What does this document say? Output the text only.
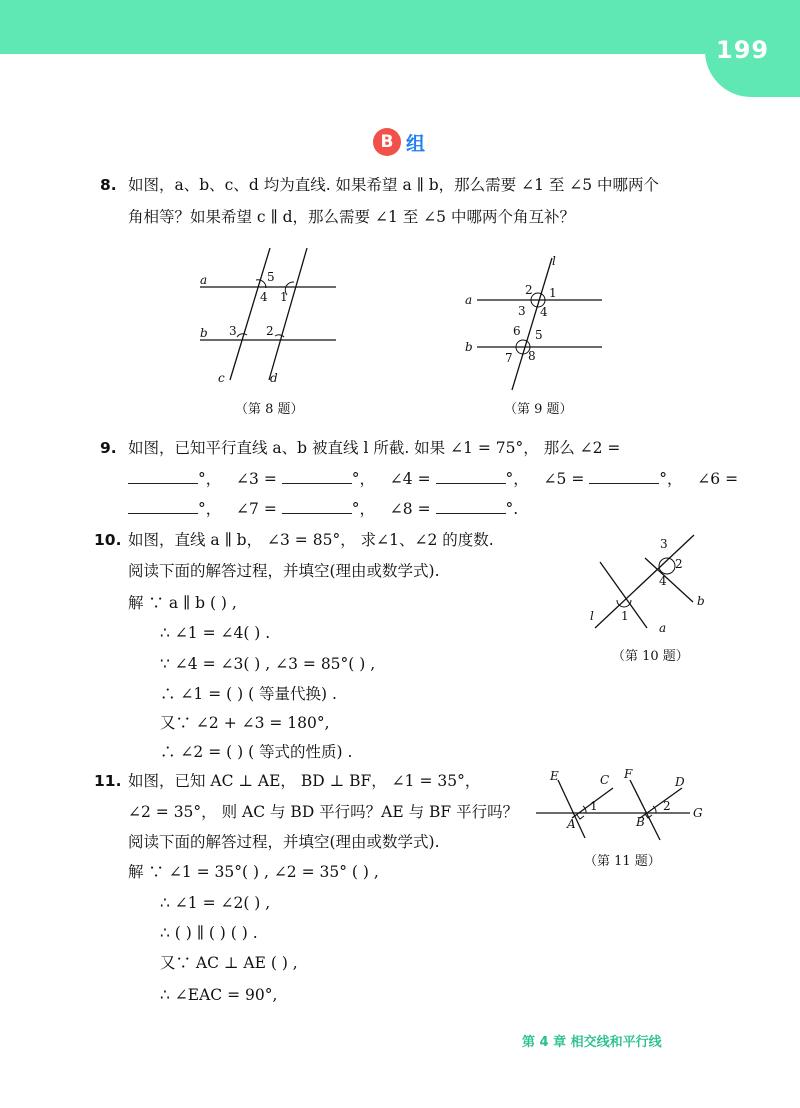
199
B 组
8. 如图，a、b、c、d 均为直线. 如果希望 a ∥ b，那么需要 ∠1 至 ∠5 中哪两个
角相等？如果希望 c ∥ d，那么需要 ∠1 至 ∠5 中哪两个角互补？
a
b
c	d
5
4 1
3 2
（第 8 题）
l
a
b
2 1
3 4
6 5
7 8
（第 9 题）
9. 如图，已知平行直线 a、b 被直线 l 所截. 如果 ∠1 = 75°， 那么 ∠2 =
°， ∠3 =	°， ∠4 =	°， ∠5 =	°， ∠6 =
°， ∠7 =	°， ∠8 =	°.
10. 如图，直线 a ∥ b， ∠3 = 85°， 求∠1、∠2 的度数.
阅读下面的解答过程，并填空(理由或数学式).
解 ∵ a ∥ b ( ) ,
∴ ∠1 = ∠4( ) .
∵ ∠4 = ∠3( ) , ∠3 = 85°( ) ,
∴ ∠1 = ( ) ( 等量代换) .
又∵ ∠2 + ∠3 = 180°,
∴ ∠2 = ( ) ( 等式的性质) .
3
2
4
1
l
a
b
（第 10 题）
11. 如图，已知 AC ⊥ AE， BD ⊥ BF， ∠1 = 35°，
∠2 = 35°， 则 AC 与 BD 平行吗？AE 与 BF 平行吗？
阅读下面的解答过程，并填空(理由或数学式).
解 ∵ ∠1 = 35°( ) , ∠2 = 35° ( ) ,
∴ ∠1 = ∠2( ) ,
∴ ( ) ∥ ( ) ( ) .
又∵ AC ⊥ AE ( ) ,
∴ ∠EAC = 90°,
E	C F
D
A	B
G
1	2
（第 11 题）
第 4 章 相交线和平行线
